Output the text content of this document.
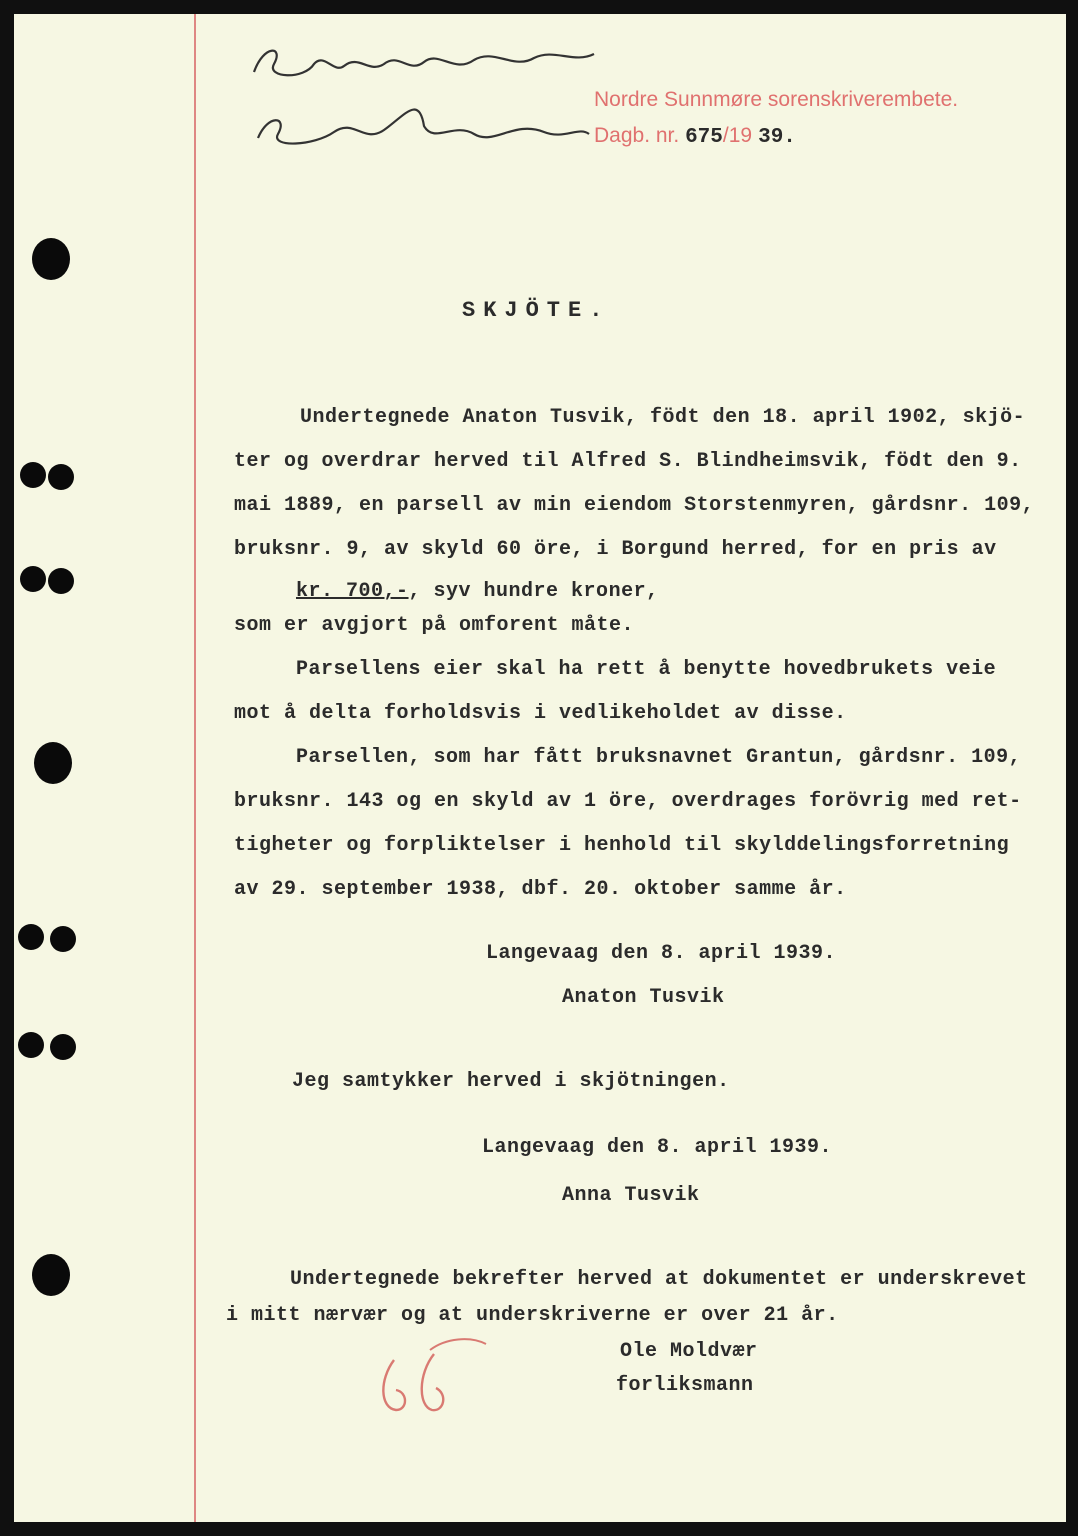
Nordre Sunnmøre sorenskriverembete.
Dagb. nr. 675/19 39.
SKJÖTE.
Undertegnede Anaton Tusvik, födt den 18. april 1902, skjö-
ter og overdrar herved til Alfred S. Blindheimsvik, födt den 9.
mai 1889, en parsell av min eiendom Storstenmyren, gårdsnr. 109,
bruksnr. 9, av skyld 60 öre, i Borgund herred, for en pris av
kr. 700,-, syv hundre kroner,
som er avgjort på omforent måte.
Parsellens eier skal ha rett å benytte hovedbrukets veie
mot å delta forholdsvis i vedlikeholdet av disse.
Parsellen, som har fått bruksnavnet Grantun, gårdsnr. 109,
bruksnr. 143 og en skyld av 1 öre, overdrages forövrig med ret-
tigheter og forpliktelser i henhold til skylddelingsforretning
av 29. september 1938, dbf. 20. oktober samme år.
Langevaag den 8. april 1939.
Anaton Tusvik
Jeg samtykker herved i skjötningen.
Langevaag den 8. april 1939.
Anna Tusvik
Undertegnede bekrefter herved at dokumentet er underskrevet
i mitt nærvær og at underskriverne er over 21 år.
Ole Moldvær
forliksmann
